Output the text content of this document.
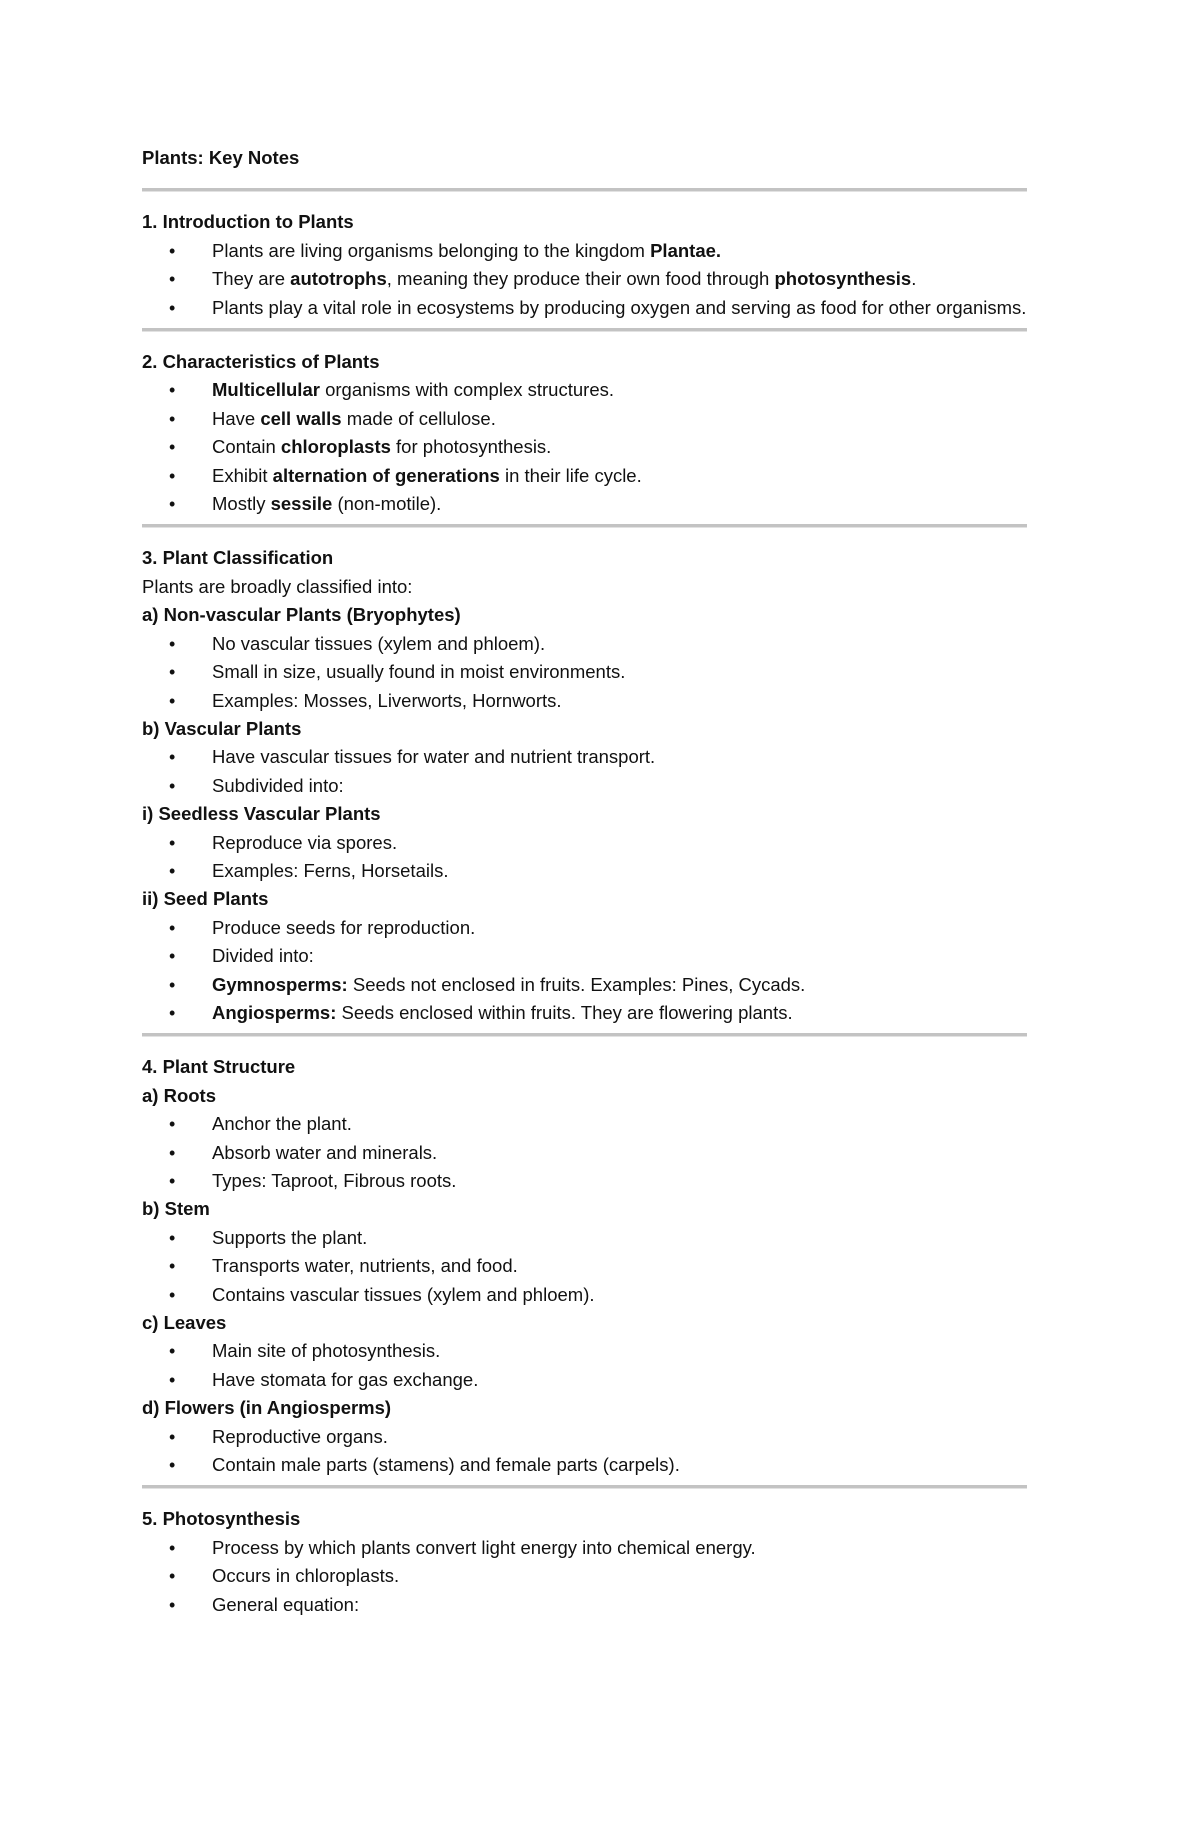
Plants: Key Notes
1. Introduction to Plants
• Plants are living organisms belonging to the kingdom Plantae.
• They are autotrophs, meaning they produce their own food through photosynthesis.
• Plants play a vital role in ecosystems by producing oxygen and serving as food for other organisms.
2. Characteristics of Plants
• Multicellular organisms with complex structures.
• Have cell walls made of cellulose.
• Contain chloroplasts for photosynthesis.
• Exhibit alternation of generations in their life cycle.
• Mostly sessile (non-motile).
3. Plant Classification
Plants are broadly classified into:
a) Non-vascular Plants (Bryophytes)
• No vascular tissues (xylem and phloem).
• Small in size, usually found in moist environments.
• Examples: Mosses, Liverworts, Hornworts.
b) Vascular Plants
• Have vascular tissues for water and nutrient transport.
• Subdivided into:
i) Seedless Vascular Plants
• Reproduce via spores.
• Examples: Ferns, Horsetails.
ii) Seed Plants
• Produce seeds for reproduction.
• Divided into:
• Gymnosperms: Seeds not enclosed in fruits. Examples: Pines, Cycads.
• Angiosperms: Seeds enclosed within fruits. They are flowering plants.
4. Plant Structure
a) Roots
• Anchor the plant.
• Absorb water and minerals.
• Types: Taproot, Fibrous roots.
b) Stem
• Supports the plant.
• Transports water, nutrients, and food.
• Contains vascular tissues (xylem and phloem).
c) Leaves
• Main site of photosynthesis.
• Have stomata for gas exchange.
d) Flowers (in Angiosperms)
• Reproductive organs.
• Contain male parts (stamens) and female parts (carpels).
5. Photosynthesis
• Process by which plants convert light energy into chemical energy.
• Occurs in chloroplasts.
• General equation:
